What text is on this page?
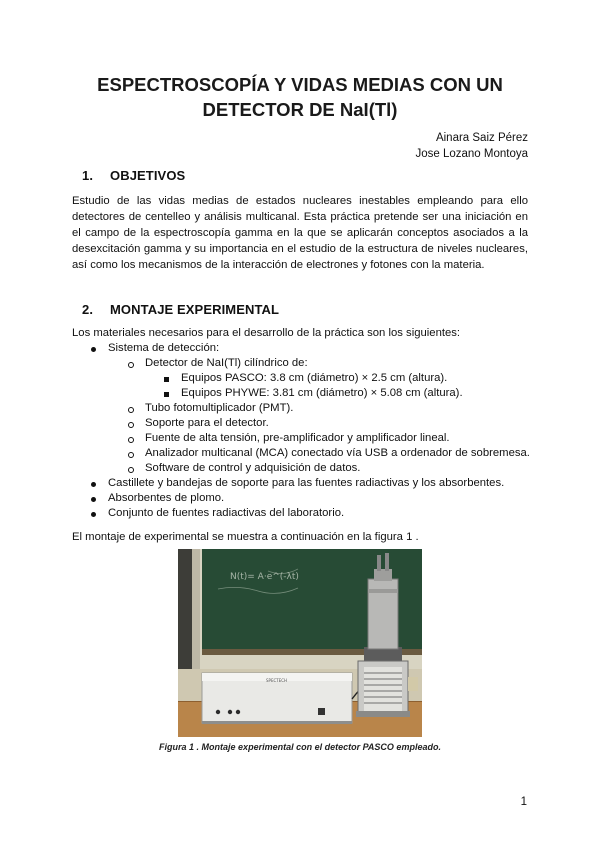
ESPECTROSCOPÍA Y VIDAS MEDIAS CON UN
DETECTOR DE NaI(Tl)
Ainara Saiz Pérez
Jose Lozano Montoya
1. OBJETIVOS
Estudio de las vidas medias de estados nucleares inestables empleando para ello detectores de centelleo y análisis multicanal. Esta práctica pretende ser una iniciación en el campo de la espectroscopía gamma en la que se aplicarán conceptos asociados a la desexcitación gamma y su importancia en el estudio de la estructura de niveles nucleares, así como los mecanismos de la interacción de electrones y fotones con la materia.
2. MONTAJE EXPERIMENTAL
Los materiales necesarios para el desarrollo de la práctica son los siguientes:
Sistema de detección:
Detector de NaI(Tl) cilíndrico de:
Equipos PASCO: 3.8 cm (diámetro) × 2.5 cm (altura).
Equipos PHYWE: 3.81 cm (diámetro) × 5.08 cm (altura).
Tubo fotomultiplicador (PMT).
Soporte para el detector.
Fuente de alta tensión, pre-amplificador y amplificador lineal.
Analizador multicanal (MCA) conectado vía USB a ordenador de sobremesa.
Software de control y adquisición de datos.
Castillete y bandejas de soporte para las fuentes radiactivas y los absorbentes.
Absorbentes de plomo.
Conjunto de fuentes radiactivas del laboratorio.
El montaje de experimental se muestra a continuación en la figura 1 .
N(t)= A·e^(-λt)
SPECTECH
Figura 1 . Montaje experimental con el detector PASCO empleado.
1
